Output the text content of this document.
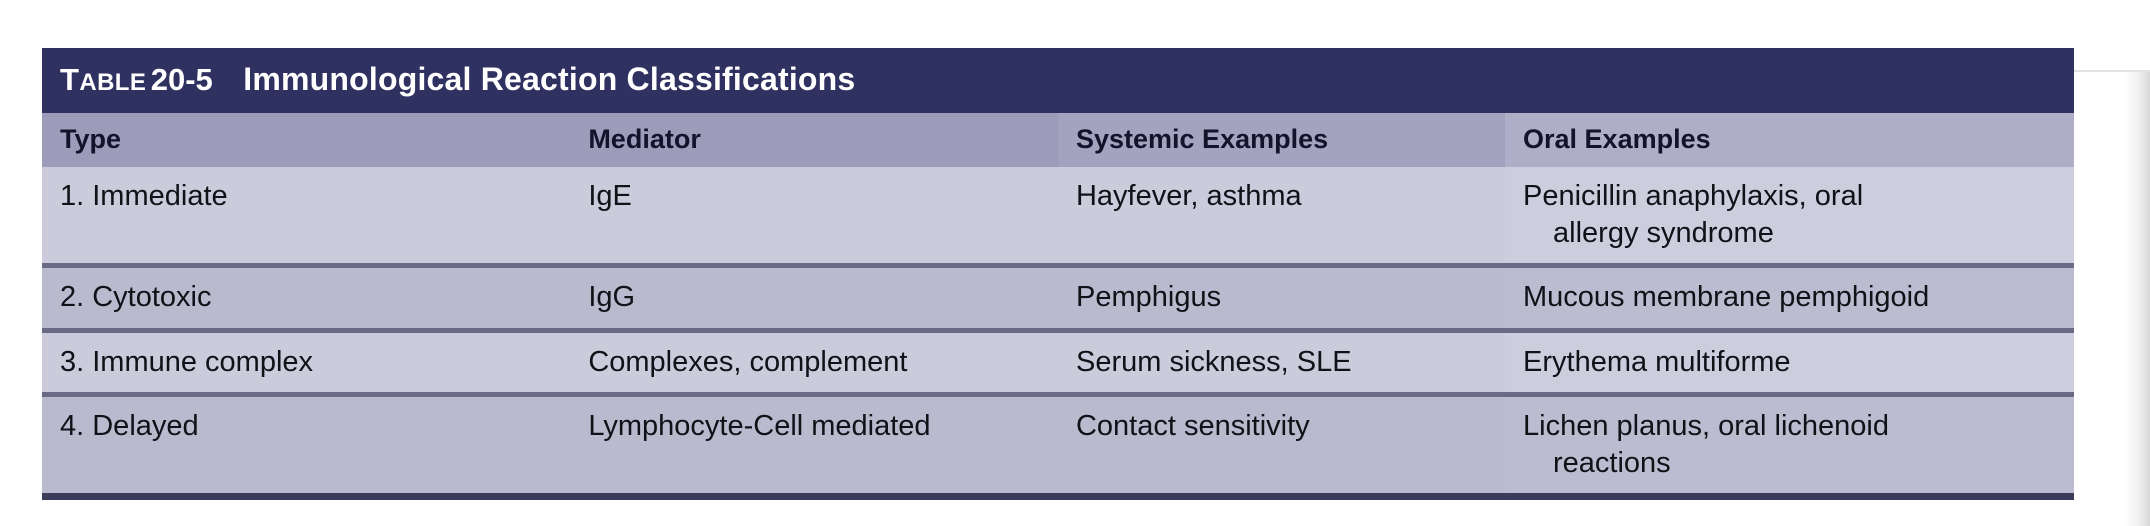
TABLE 20-5 Immunological Reaction Classifications			
Type	Mediator	Systemic Examples	Oral Examples
1. Immediate	IgE	Hayfever, asthma	Penicillin anaphylaxis, oral
allergy syndrome

2. Cytotoxic	IgG	Pemphigus	Mucous membrane pemphigoid

3. Immune complex	Complexes, complement	Serum sickness, SLE	Erythema multiforme

4. Delayed	Lymphocyte-Cell mediated	Contact sensitivity	Lichen planus, oral lichenoid
reactions
